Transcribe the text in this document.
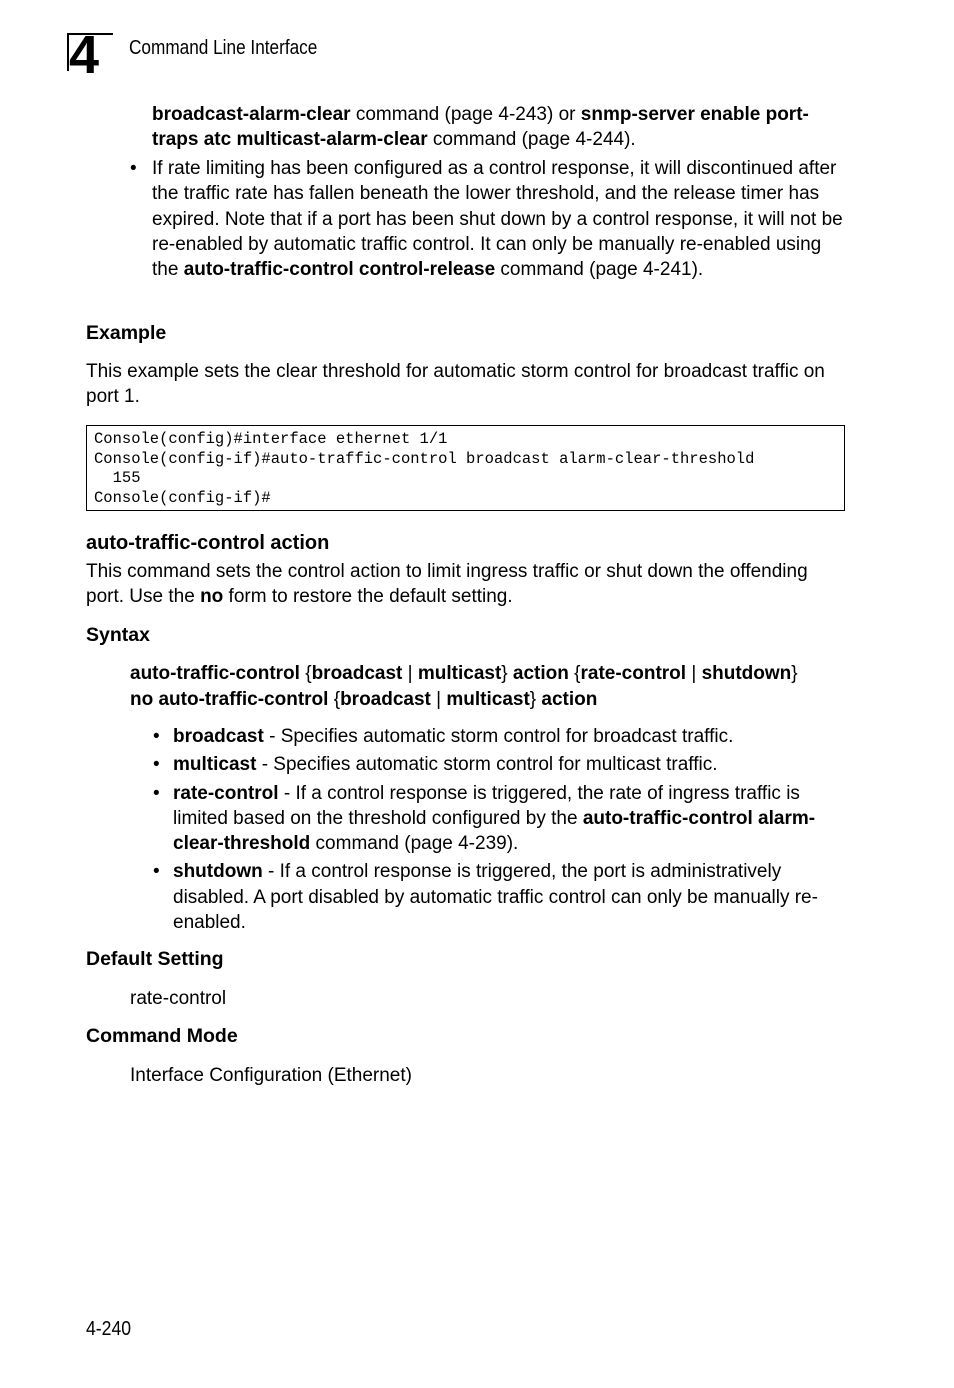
4 Command Line Interface

broadcast-alarm-clear command (page 4-243) or snmp-server enable port-traps atc multicast-alarm-clear command (page 4-244).

• If rate limiting has been configured as a control response, it will discontinued after the traffic rate has fallen beneath the lower threshold, and the release timer has expired. Note that if a port has been shut down by a control response, it will not be re-enabled by automatic traffic control. It can only be manually re-enabled using the auto-traffic-control control-release command (page 4-241).
Example

This example sets the clear threshold for automatic storm control for broadcast traffic on port 1.

Console(config)#interface ethernet 1/1
Console(config-if)#auto-traffic-control broadcast alarm-clear-threshold
155
Console(config-if)#
auto-traffic-control action

This command sets the control action to limit ingress traffic or shut down the offending port. Use the no form to restore the default setting.

Syntax
auto-traffic-control {broadcast | multicast} action {rate-control | shutdown}
no auto-traffic-control {broadcast | multicast} action
• broadcast - Specifies automatic storm control for broadcast traffic.
• multicast - Specifies automatic storm control for multicast traffic.
• rate-control - If a control response is triggered, the rate of ingress traffic is limited based on the threshold configured by the auto-traffic-control alarm-clear-threshold command (page 4-239).
• shutdown - If a control response is triggered, the port is administratively disabled. A port disabled by automatic traffic control can only be manually re-enabled.
Default Setting
rate-control
Command Mode
Interface Configuration (Ethernet)
4-240
